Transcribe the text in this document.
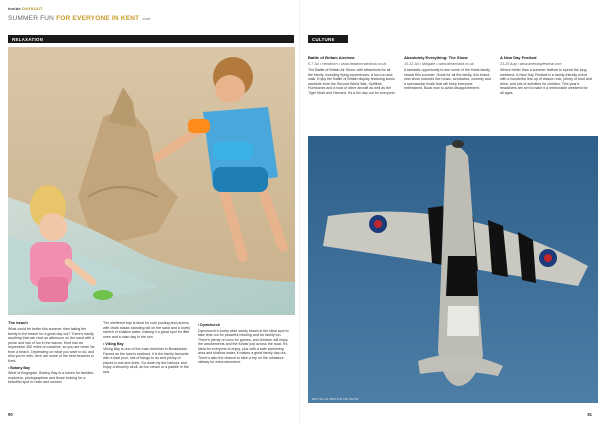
inside DAYSOUT
SUMMER FUN FOR EVERYONE IN KENT cont
RELAXATION
The beach

What could be better this summer than taking the family to the beach for a great day out? There's hardly anything that can rival an afternoon on the sand with a picnic and lots of fun in the waves. Kent has an impressive 350 miles of coastline, so you are never far from a beach. Depending on what you want to do, and who you're with, here are some of the best beaches in Kent.

• Botany Bay

West of Kingsgate, Botany Bay is a haven for families, explorers, photographers and those looking for a beautiful spot to relax and unwind.

The sheltered bay is ideal for rock pooling and picnics, with chalk stacks standing tall on the sand and a lovely stretch of shallow water, making it a great spot for little ones and a calm day in the sun.

• Viking Bay

Viking Bay is one of the main beaches in Broadstairs. Famed as the town's seafront, it is the family favourite with a tidal pool, lots of things to do and plenty of places to eat and drink. Go down by the harbour and enjoy a leisurely stroll, an ice cream or a paddle in the sea.

• Dymchurch

Dymchurch's lovely wide sandy beach is the ideal spot to take time out for peaceful relaxing and for family fun. There's plenty of room for games, and children will enjoy the amusements and the funfair just across the road. It's ideal for everyone to enjoy, plus with a safe swimming area and shallow water, it makes a great family day out. There's also the chance to take a trip on the miniature railway for extra adventure.

90
CULTURE
Battle of Britain Airshow
6-7 Jul • Headcorn • www.headcornairshow.co.uk

The Battle of Britain Air Show, with attractions for all the family, including flying experiences, a fun-run and walk. Enjoy the Battle of Britain display featuring iconic warbirds from the Second World War, Spitfires, Hurricanes and a host of other aircraft as well as the Tiger Moth and Harvard. It's a full day out for everyone.

Absolutely Everything: The Show
10-12 Jul • Margate • www.dreamland.co.uk

A fantastic opportunity to see some of the finest family shows this summer. Great for all the family, this brand-new show includes live music, acrobatics, comedy and a spectacular finale that will keep everyone entertained. Book now to avoid disappointment.

A New Day Festival
23-25 Aug • www.anewdayfestival.com

Where better than a summer festival to spend the long weekend. A New Day Festival is a family-friendly event with a wonderful line-up of classic rock, plenty of food and drink, and lots of activities for children. This year's headliners are set to make it a memorable weekend for all ages.

BATTLE OF BRITAIN AIR SHOW
91
